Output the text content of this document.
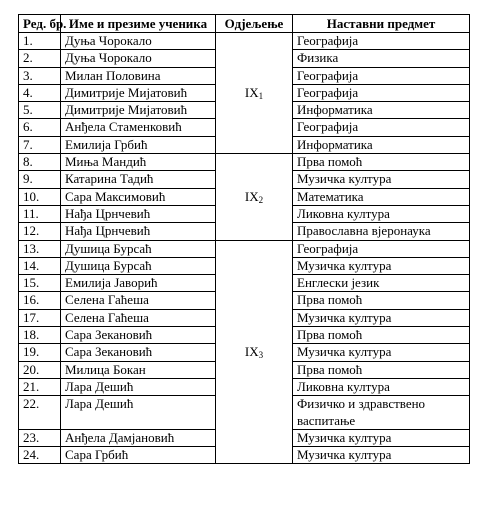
Ред. бр.	Име и презиме ученика	Одјељење	Наставни предмет
1.	Дуња Чорокало	$IX_1$	Географија
2.	Дуња Чорокало		Физика
3.	Милан Половина		Географија
4.	Димитрије Мијатовић		Географија
5.	Димитрије Мијатовић		Информатика
6.	Анђела Стаменковић		Географија
7.	Емилија Грбић		Информатика
8.	Миња Мандић	$IX_2$	Прва помоћ
9.	Катарина Тадић		Музичка култура
10.	Сара Максимовић		Математика
11.	Нађа Црнчевић		Ликовна култура
12.	Нађа Црнчевић		Православна вјеронаука
13.	Душица Бурсаћ	$IX_3$	Географија
14.	Душица Бурсаћ		Музичка култура
15.	Емилија Јаворић		Енглески језик
16.	Селена Гаћеша		Прва помоћ
17.	Селена Гаћеша		Музичка култура
18.	Сара Зекановић		Прва помоћ
19.	Сара Зекановић		Музичка култура
20.	Милица Бокан		Прва помоћ
21.	Лара Дешић		Ликовна култура
22.	Лара Дешић		Физичко и здравствено васпитање
23.	Анђела Дамјановић		Музичка култура
24.	Сара Грбић		Музичка култура
